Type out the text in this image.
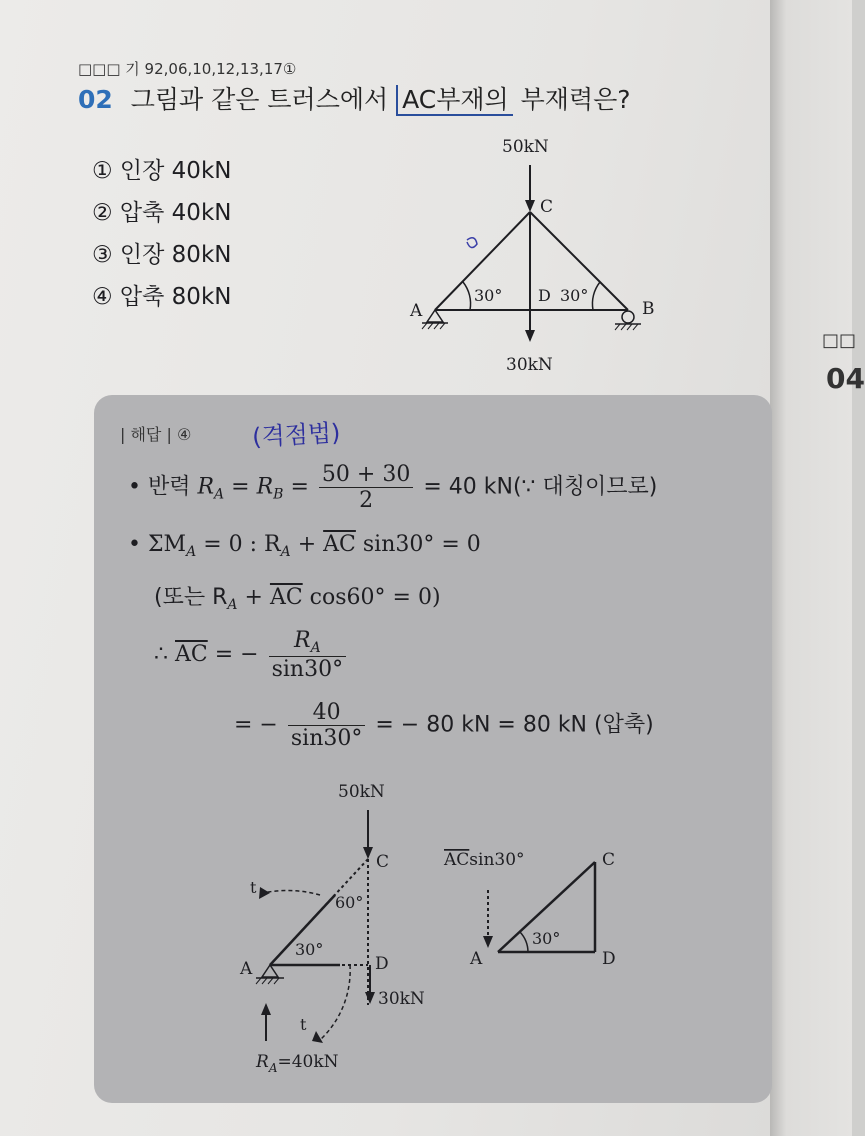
□□
04
□□□ 기 92,06,10,12,13,17①
02 그림과 같은 트러스에서 AC부재의 부재력은?
① 인장 40kN
② 압축 40kN
③ 인장 80kN
④ 압축 80kN
50kN
C
30° D 30°
A	B
30kN
| 해답 | ④	(격점법)
• 반력 $R_A = R_B = \frac{50 + 30}{2} = 40$ kN(∵ 대칭이므로)
• $\Sigma M_A = 0$ : $R_A + \overline{AC}$ sin30° = 0
(또는 $R_A + \overline{AC}$ cos60° = 0)
∴ $\overline{AC}$ = − $\frac{R_A}{\sin 30^\circ}$
= − $\frac{40}{\sin 30^\circ}$ = − 80 kN = 80 kN (압축)
50kN
C
t
t
60°
30°
A	D
30kN
$R_A=40kN$
ACsin30°
30°
C
A	D
